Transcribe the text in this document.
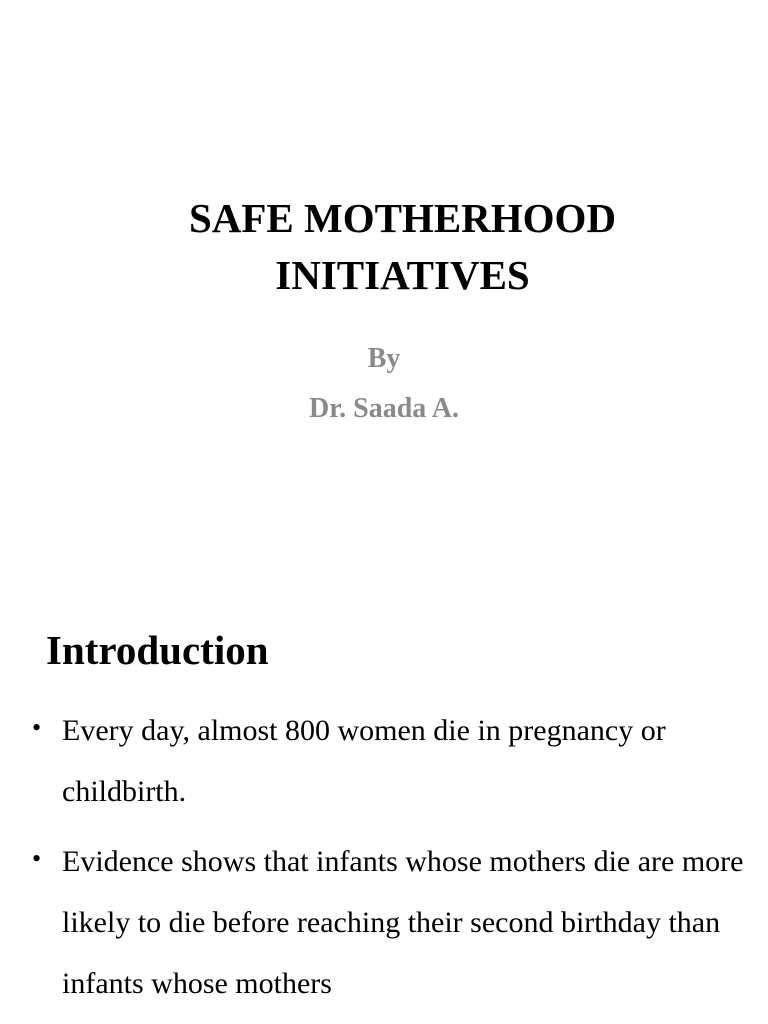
SAFE MOTHERHOOD
INITIATIVES
By
Dr. Saada A.
Introduction
• Every day, almost 800 women die in pregnancy or childbirth.
• Evidence shows that infants whose mothers die are more likely to die before reaching their second birthday than infants whose mothers
